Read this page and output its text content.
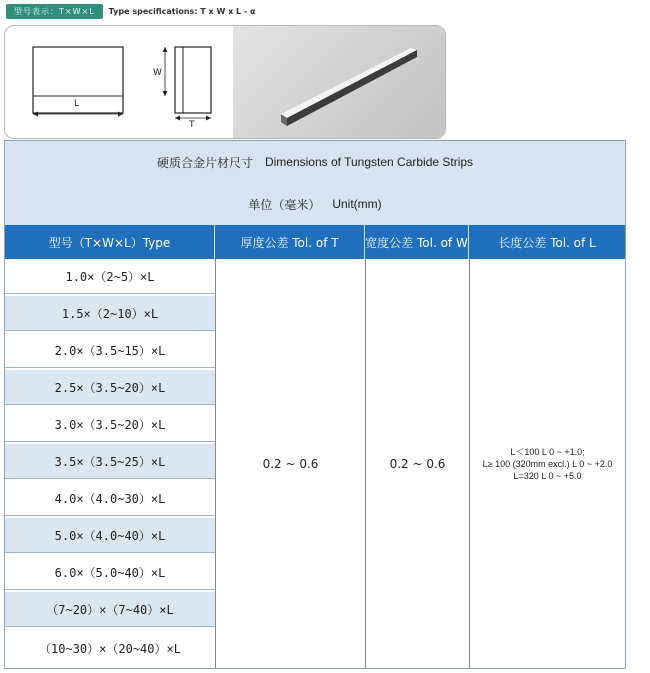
型号表示：T×W×L	Type specifications: T x W x L - α
L
W
T
硬质合金片材尺寸 Dimensions of Tungsten Carbide Strips
单位（毫米） Unit(mm)
型号（T×W×L）Type	厚度公差 Tol. of T	宽度公差 Tol. of W	长度公差 Tol. of L
1.0×（2~5）×L
1.5×（2~10）×L
2.0×（3.5~15）×L
2.5×（3.5~20）×L
3.0×（3.5~20）×L
3.5×（3.5~25）×L
4.0×（4.0~30）×L
5.0×（4.0~40）×L
6.0×（5.0~40）×L
（7~20）×（7~40）×L
（10~30）×（20~40）×L
0.2 ~ 0.6	0.2 ~ 0.6
L＜100 L 0 ~ +1.0;
L≥ 100 (320mm excl.) L 0 ~ +2.0
L=320 L 0 ~ +5.0
